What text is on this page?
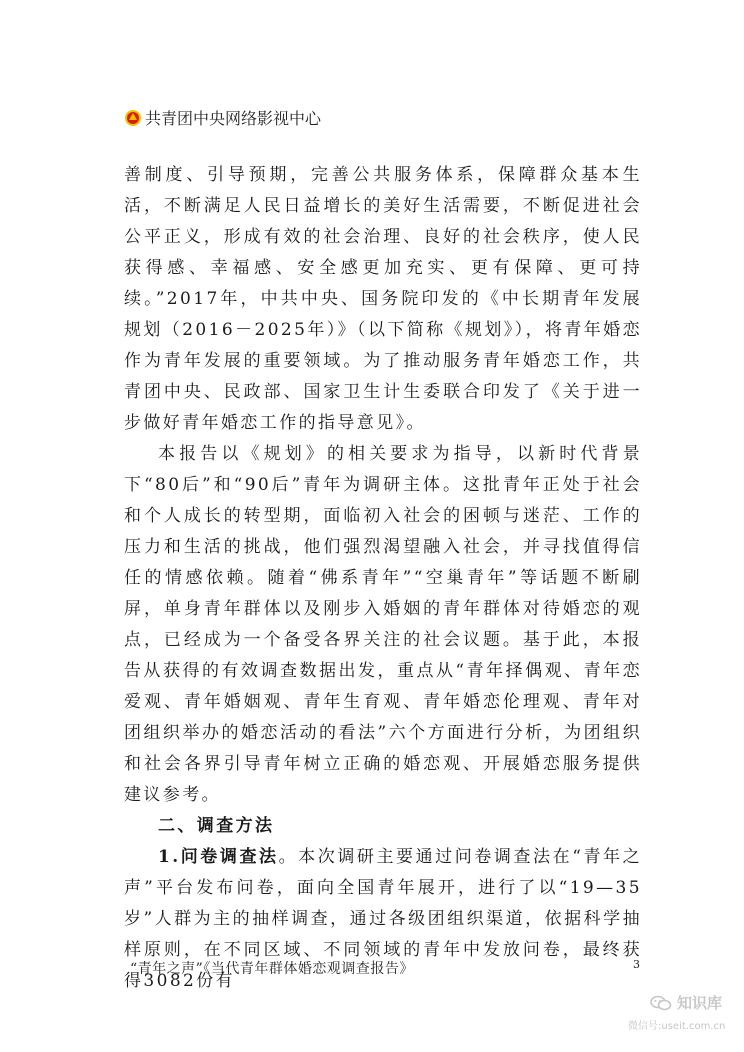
共青团中央网络影视中心

善制度、引导预期，完善公共服务体系，保障群众基本生活，不断满足人民日益增长的美好生活需要，不断促进社会公平正义，形成有效的社会治理、良好的社会秩序，使人民获得感、幸福感、安全感更加充实、更有保障、更可持续。”2017年，中共中央、国务院印发的《中长期青年发展规划（2016－2025年）》（以下简称《规划》），将青年婚恋作为青年发展的重要领域。为了推动服务青年婚恋工作，共青团中央、民政部、国家卫生计生委联合印发了《关于进一步做好青年婚恋工作的指导意见》。

本报告以《规划》的相关要求为指导，以新时代背景下“80后”和“90后”青年为调研主体。这批青年正处于社会和个人成长的转型期，面临初入社会的困顿与迷茫、工作的压力和生活的挑战，他们强烈渴望融入社会，并寻找值得信任的情感依赖。随着“佛系青年”“空巢青年”等话题不断刷屏，单身青年群体以及刚步入婚姻的青年群体对待婚恋的观点，已经成为一个备受各界关注的社会议题。基于此，本报告从获得的有效调查数据出发，重点从“青年择偶观、青年恋爱观、青年婚姻观、青年生育观、青年婚恋伦理观、青年对团组织举办的婚恋活动的看法”六个方面进行分析，为团组织和社会各界引导青年树立正确的婚恋观、开展婚恋服务提供建议参考。

二、调查方法

1.问卷调查法。本次调研主要通过问卷调查法在“青年之声”平台发布问卷，面向全国青年展开，进行了以“19—35岁”人群为主的抽样调查，通过各级团组织渠道，依据科学抽样原则，在不同区域、不同领域的青年中发放问卷，最终获得3082份有

“青年之声”《当代青年群体婚恋观调查报告》	3
知识库
微信号:useit.com.cn
